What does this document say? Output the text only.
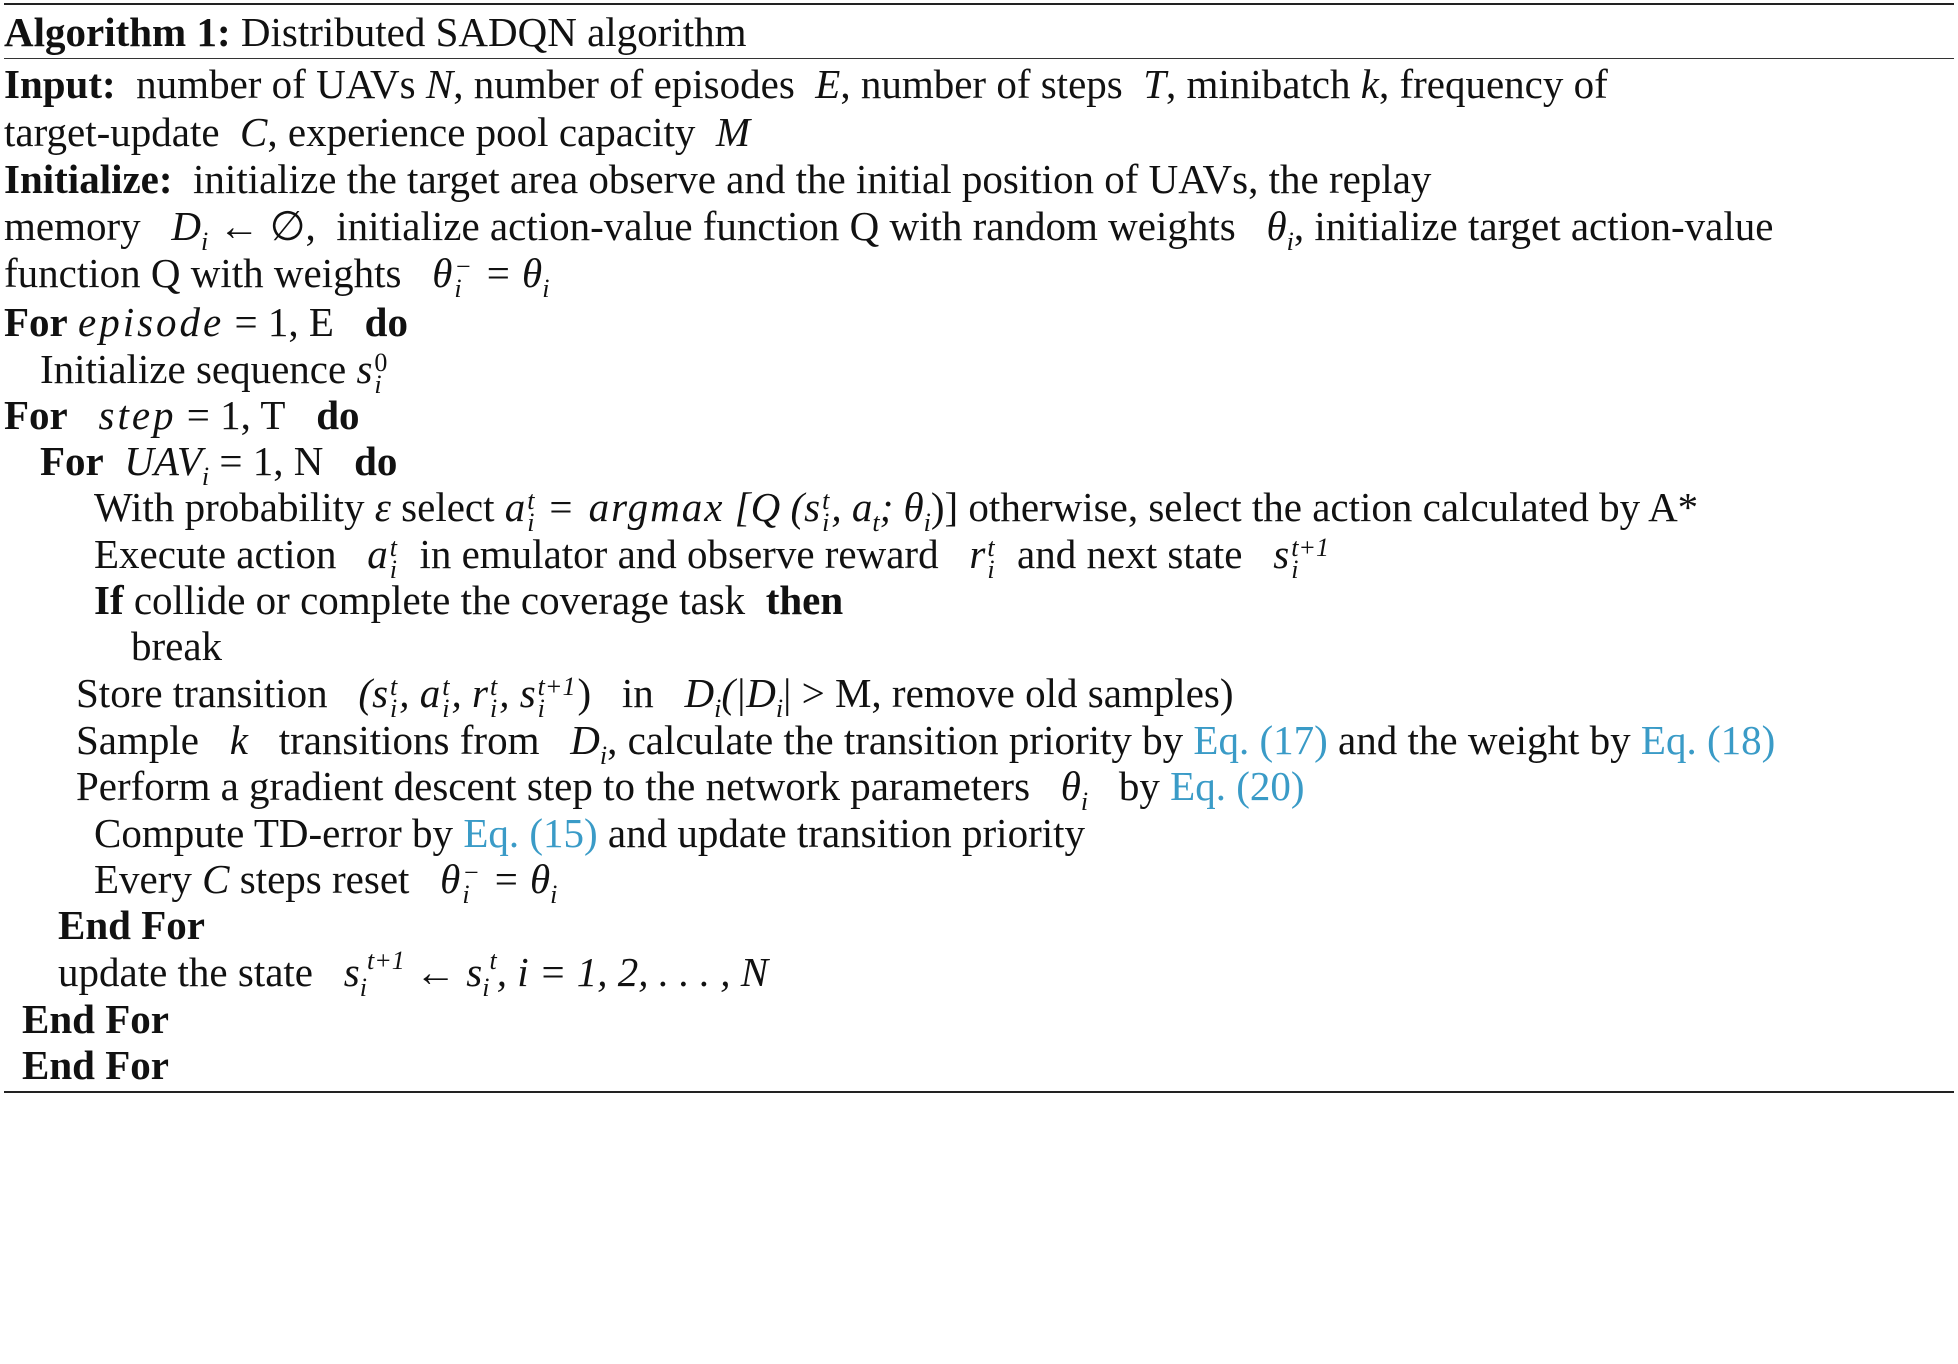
Algorithm 1: Distributed SADQN algorithm
Input: number of UAVs N, number of episodes E, number of steps T, minibatch k, frequency of
target-update C, experience pool capacity M
Initialize: initialize the target area observe and the initial position of UAVs, the replay
memory $D_i$ ← ∅, initialize action-value function Q with random weights $\theta_i$, initialize target action-value
function Q with weights θ −
$i = \theta_i$
For episode = 1, E do
Initialize sequence s 0
i
For step = 1, T do
For $UAV_i = 1$, N do
With probability ε select a t
i = argmax [Q (s t
i , $a_t$; $\theta_i$)] otherwise, select the action calculated by A*
Execute action a t
i in emulator and observe reward r t
i and next state s t+1
i
If collide or complete the coverage task then
break
Store transition (s t
i , a t
i , r t
i , s t+1
i ) in $D_i(|D_i| > M$, remove old samples)
Sample k transitions from $D_i$, calculate the transition priority by Eq. (17) and the weight by Eq. (18)
Perform a gradient descent step to the network parameters $\theta_i$ by Eq. (20)
Compute TD-error by Eq. (15) and update transition priority
Every C steps reset θ −
$i = \theta_i$
End For
update the state $s_i^{t+1}$ ← $s_i^t$, i = 1, 2, . . . , N
End For
End For
